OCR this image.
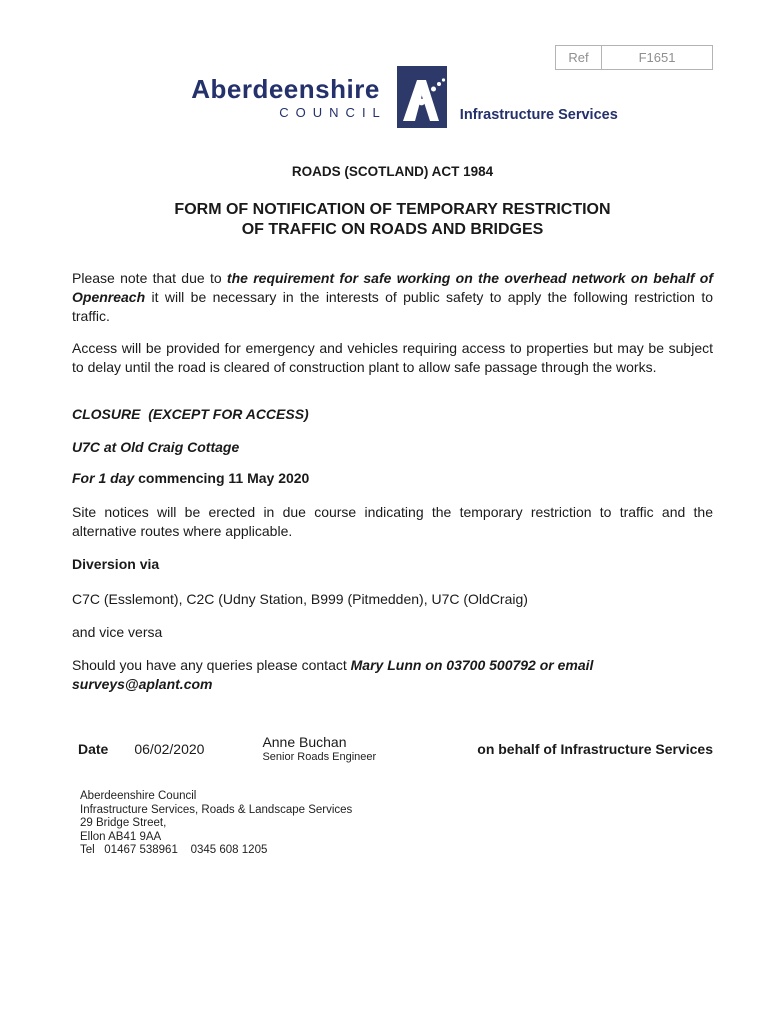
Ref	F1651
Aberdeenshire
COUNCIL	Infrastructure Services
ROADS (SCOTLAND) ACT 1984
FORM OF NOTIFICATION OF TEMPORARY RESTRICTION
OF TRAFFIC ON ROADS AND BRIDGES

Please note that due to the requirement for safe working on the overhead network on behalf of Openreach it will be necessary in the interests of public safety to apply the following restriction to traffic.

Access will be provided for emergency and vehicles requiring access to properties but may be subject to delay until the road is cleared of construction plant to allow safe passage through the works.

CLOSURE  (EXCEPT FOR ACCESS)

U7C at Old Craig Cottage

For 1 day commencing 11 May 2020

Site notices will be erected in due course indicating the temporary restriction to traffic and the alternative routes where applicable.

Diversion via

C7C (Esslemont), C2C (Udny Station, B999 (Pitmedden), U7C (OldCraig)

and vice versa

Should you have any queries please contact Mary Lunn on 03700 500792 or email surveys@aplant.com

Date 06/02/2020	Anne Buchan
Senior Roads Engineer	on behalf of Infrastructure Services
Aberdeenshire Council
Infrastructure Services, Roads & Landscape Services
29 Bridge Street,
Ellon AB41 9AA
Tel   01467 538961    0345 608 1205
